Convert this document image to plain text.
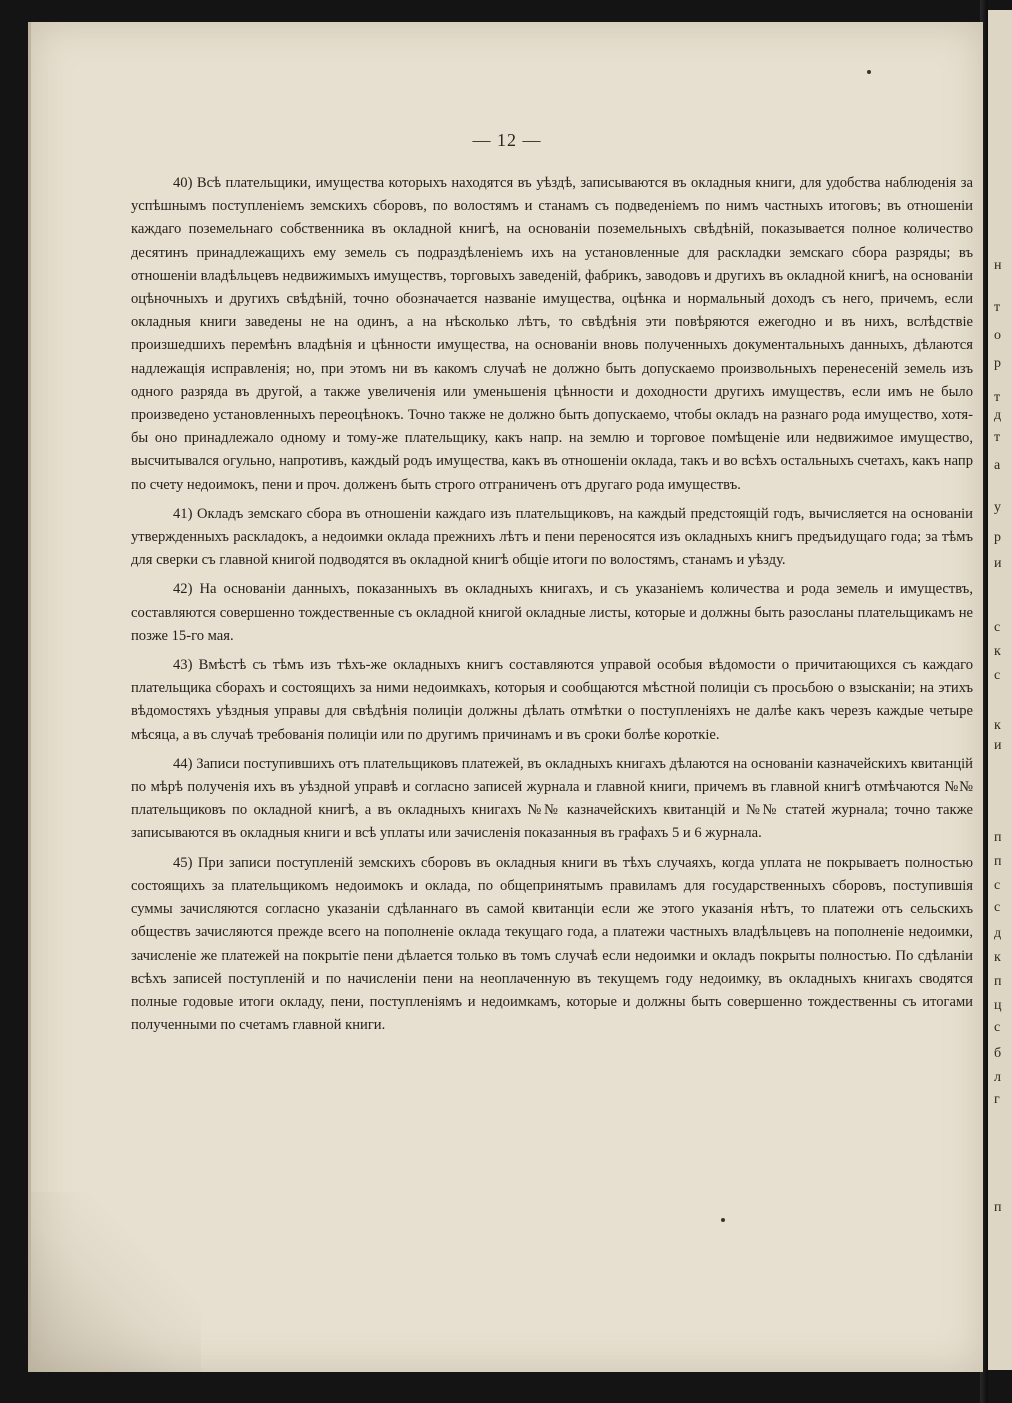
н
т
о
р
т
д
т
а
у
р
и
с
к
с
к
и
п
п
с
с
д
к
п
ц
с
б
л
г
п
— 12 —

40) Всѣ плательщики, имущества которыхъ находятся въ уѣздѣ, записываются въ окладныя книги, для удобства наблюденія за успѣшнымъ поступленіемъ земскихъ сборовъ, по волостямъ и станамъ съ подведеніемъ по нимъ частныхъ итоговъ; въ отношеніи каждаго поземельнаго собственника въ окладной книгѣ, на основаніи поземельныхъ свѣдѣній, показывается полное количество десятинъ принадлежащихъ ему земель съ подраздѣленіемъ ихъ на установленные для раскладки земскаго сбора разряды; въ отношеніи владѣльцевъ недвижимыхъ имуществъ, торговыхъ заведеній, фабрикъ, заводовъ и другихъ въ окладной книгѣ, на основаніи оцѣночныхъ и другихъ свѣдѣній, точно обозначается названіе имущества, оцѣнка и нормальный доходъ съ него, причемъ, если окладныя книги заведены не на одинъ, а на нѣсколько лѣтъ, то свѣдѣнія эти повѣряются ежегодно и въ нихъ, вслѣдствіе произшедшихъ перемѣнъ владѣнія и цѣнности имущества, на основаніи вновь полученныхъ документальныхъ данныхъ, дѣлаются надлежащія исправленія; но, при этомъ ни въ какомъ случаѣ не должно быть допускаемо произвольныхъ перенесеній земель изъ одного разряда въ другой, а также увеличенія или уменьшенія цѣнности и доходности другихъ имуществъ, если имъ не было произведено установленныхъ переоцѣнокъ. Точно также не должно быть допускаемо, чтобы окладъ на разнаго рода имущество, хотя-бы оно принадлежало одному и тому-же плательщику, какъ напр. на землю и торговое помѣщеніе или недвижимое имущество, высчитывался огульно, напротивъ, каждый родъ имущества, какъ въ отношеніи оклада, такъ и во всѣхъ остальныхъ счетахъ, какъ напр по счету недоимокъ, пени и проч. долженъ быть строго отграниченъ отъ другаго рода имуществъ.

41) Окладъ земскаго сбора въ отношеніи каждаго изъ плательщиковъ, на каждый предстоящій годъ, вычисляется на основаніи утвержденныхъ раскладокъ, а недоимки оклада прежнихъ лѣтъ и пени переносятся изъ окладныхъ книгъ предъидущаго года; за тѣмъ для сверки съ главной книгой подводятся въ окладной книгѣ общіе итоги по волостямъ, станамъ и уѣзду.

42) На основаніи данныхъ, показанныхъ въ окладныхъ книгахъ, и съ указаніемъ количества и рода земель и имуществъ, составляются совершенно тождественные съ окладной книгой окладные листы, которые и должны быть разосланы плательщикамъ не позже 15-го мая.

43) Вмѣстѣ съ тѣмъ изъ тѣхъ-же окладныхъ книгъ составляются управой особыя вѣдомости о причитающихся съ каждаго плательщика сборахъ и состоящихъ за ними недоимкахъ, которыя и сообщаются мѣстной полиціи съ просьбою о взысканіи; на этихъ вѣдомостяхъ уѣздныя управы для свѣдѣнія полиціи должны дѣлать отмѣтки о поступленіяхъ не далѣе какъ черезъ каждые четыре мѣсяца, а въ случаѣ требованія полиціи или по другимъ причинамъ и въ сроки болѣе короткіе.

44) Записи поступившихъ отъ плательщиковъ платежей, въ окладныхъ книгахъ дѣлаются на основаніи казначейскихъ квитанцій по мѣрѣ полученія ихъ въ уѣздной управѣ и согласно записей журнала и главной книги, причемъ въ главной книгѣ отмѣчаются №№ плательщиковъ по окладной книгѣ, а въ окладныхъ книгахъ №№ казначейскихъ квитанцій и №№ статей журнала; точно также записываются въ окладныя книги и всѣ уплаты или зачисленія показанныя въ графахъ 5 и 6 журнала.

45) При записи поступленій земскихъ сборовъ въ окладныя книги въ тѣхъ случаяхъ, когда уплата не покрываетъ полностью состоящихъ за плательщикомъ недоимокъ и оклада, по общепринятымъ правиламъ для государственныхъ сборовъ, поступившія суммы зачисляются согласно указаніи сдѣланнаго въ самой квитанціи если же этого указанія нѣтъ, то платежи отъ сельскихъ обществъ зачисляются прежде всего на пополненіе оклада текущаго года, а платежи частныхъ владѣльцевъ на пополненіе недоимки, зачисленіе же платежей на покрытіе пени дѣлается только въ томъ случаѣ если недоимки и окладъ покрыты полностью. По сдѣланіи всѣхъ записей поступленій и по начисленіи пени на неоплаченную въ текущемъ году недоимку, въ окладныхъ книгахъ сводятся полные годовые итоги окладу, пени, поступленіямъ и недоимкамъ, которые и должны быть совершенно тождественны съ итогами полученными по счетамъ главной книги.
